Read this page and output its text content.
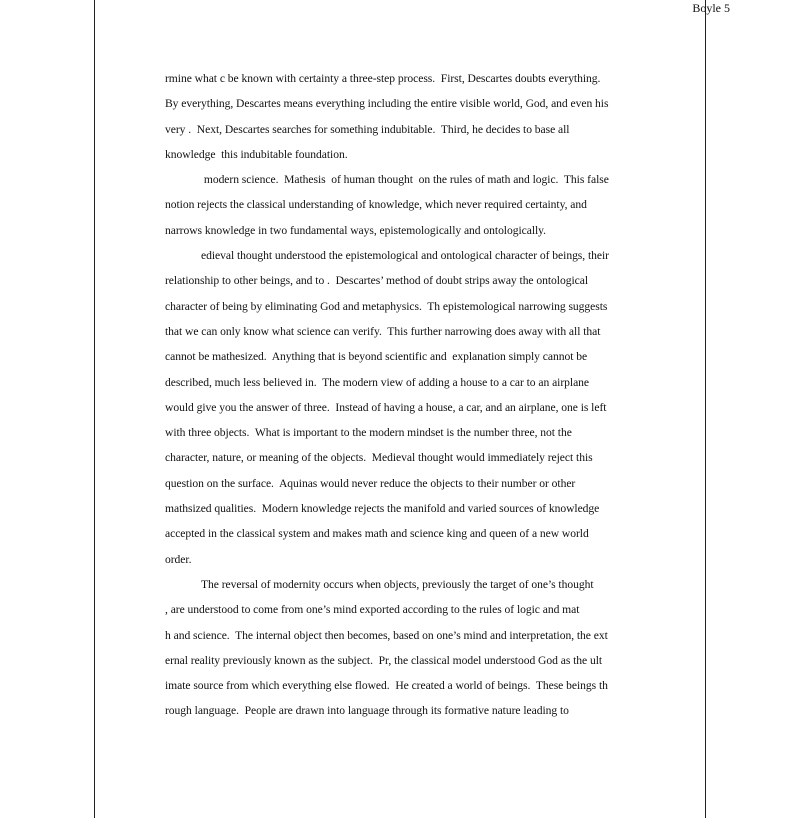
Boyle 5
rmine what c be known with certainty a three-step process.  First, Descartes doubts everything.
By everything, Descartes means everything including the entire visible world, God, and even his
very .  Next, Descartes searches for something indubitable.  Third, he decides to base all
knowledge  this indubitable foundation.
modern science.  Mathesis  of human thought  on the rules of math and logic.  This false
notion rejects the classical understanding of knowledge, which never required certainty, and
narrows knowledge in two fundamental ways, epistemologically and ontologically.
edieval thought understood the epistemological and ontological character of beings, their
relationship to other beings, and to .  Descartes’ method of doubt strips away the ontological
character of being by eliminating God and metaphysics.  Th epistemological narrowing suggests
that we can only know what science can verify.  This further narrowing does away with all that
cannot be mathesized.  Anything that is beyond scientific and  explanation simply cannot be
described, much less believed in.  The modern view of adding a house to a car to an airplane
would give you the answer of three.  Instead of having a house, a car, and an airplane, one is left
with three objects.  What is important to the modern mindset is the number three, not the
character, nature, or meaning of the objects.  Medieval thought would immediately reject this
question on the surface.  Aquinas would never reduce the objects to their number or other
mathsized qualities.  Modern knowledge rejects the manifold and varied sources of knowledge
accepted in the classical system and makes math and science king and queen of a new world
order.
The reversal of modernity occurs when objects, previously the target of one’s thought
, are understood to come from one’s mind exported according to the rules of logic and mat
h and science.  The internal object then becomes, based on one’s mind and interpretation, the ext
ernal reality previously known as the subject.  Pr, the classical model understood God as the ult
imate source from which everything else flowed.  He created a world of beings.  These beings th
rough language.  People are drawn into language through its formative nature leading to
